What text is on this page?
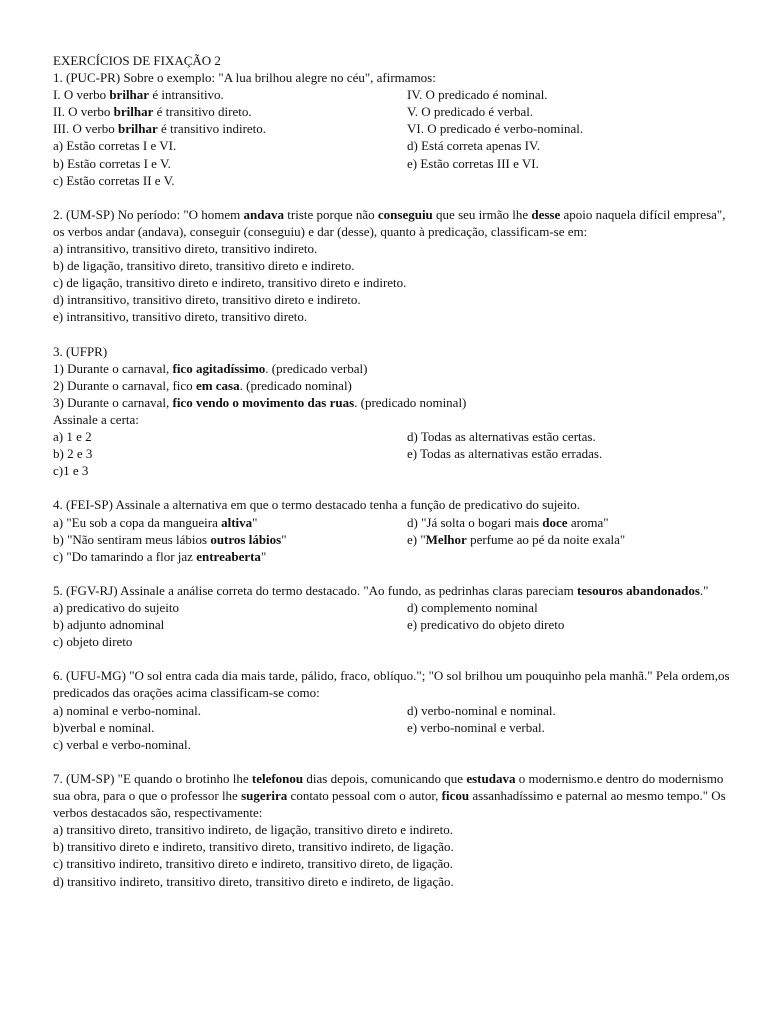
EXERCÍCIOS DE FIXAÇÃO 2
1. (PUC-PR) Sobre o exemplo: "A lua brilhou alegre no céu", afirmamos:
I. O verbo brilhar é intransitivo.	IV. O predicado é nominal.
II. O verbo brilhar é transitivo direto.	V. O predicado é verbal.
III. O verbo brilhar é transitivo indireto.	VI. O predicado é verbo-nominal.
a) Estão corretas I e VI.	d) Está correta apenas IV.
b) Estão corretas I e V.	e) Estão corretas III e VI.
c) Estão corretas II e V.
2. (UM-SP) No período: "O homem andava triste porque não conseguiu que seu irmão lhe desse apoio naquela difícil empresa", os verbos andar (andava), conseguir (conseguiu) e dar (desse), quanto à predicação, classificam-se em:
a) intransitivo, transitivo direto, transitivo indireto.
b) de ligação, transitivo direto, transitivo direto e indireto.
c) de ligação, transitivo direto e indireto, transitivo direto e indireto.
d) intransitivo, transitivo direto, transitivo direto e indireto.
e) intransitivo, transitivo direto, transitivo direto.
3. (UFPR)
1) Durante o carnaval, fico agitadíssimo. (predicado verbal)
2) Durante o carnaval, fico em casa. (predicado nominal)
3) Durante o carnaval, fico vendo o movimento das ruas. (predicado nominal)
Assinale a certa:
a) 1 e 2	d) Todas as alternativas estão certas.
b) 2 e 3	e) Todas as alternativas estão erradas.
c)1 e 3
4. (FEI-SP) Assinale a alternativa em que o termo destacado tenha a função de predicativo do sujeito.
a) "Eu sob a copa da mangueira altiva"	d) "Já solta o bogari mais doce aroma"
b) "Não sentiram meus lábios outros lábios"	e) "Melhor perfume ao pé da noite exala"
c) "Do tamarindo a flor jaz entreaberta"
5. (FGV-RJ) Assinale a análise correta do termo destacado. "Ao fundo, as pedrinhas claras pareciam tesouros abandonados."
a) predicativo do sujeito	d) complemento nominal
b) adjunto adnominal	e) predicativo do objeto direto
c) objeto direto
6. (UFU-MG) "O sol entra cada dia mais tarde, pálido, fraco, oblíquo."; "O sol brilhou um pouquinho pela manhã." Pela ordem,os predicados das orações acima classificam-se como:
a) nominal e verbo-nominal.	d) verbo-nominal e nominal.
b)verbal e nominal.	e) verbo-nominal e verbal.
c) verbal e verbo-nominal.
7. (UM-SP) "E quando o brotinho lhe telefonou dias depois, comunicando que estudava o modernismo.e dentro do modernismo sua obra, para o que o professor lhe sugerira contato pessoal com o autor, ficou assanhadíssimo e paternal ao mesmo tempo." Os verbos destacados são, respectivamente:
a) transitivo direto, transitivo indireto, de ligação, transitivo direto e indireto.
b) transitivo direto e indireto, transitivo direto, transitivo indireto, de ligação.
c) transitivo indireto, transitivo direto e indireto, transitivo direto, de ligação.
d) transitivo indireto, transitivo direto, transitivo direto e indireto, de ligação.
